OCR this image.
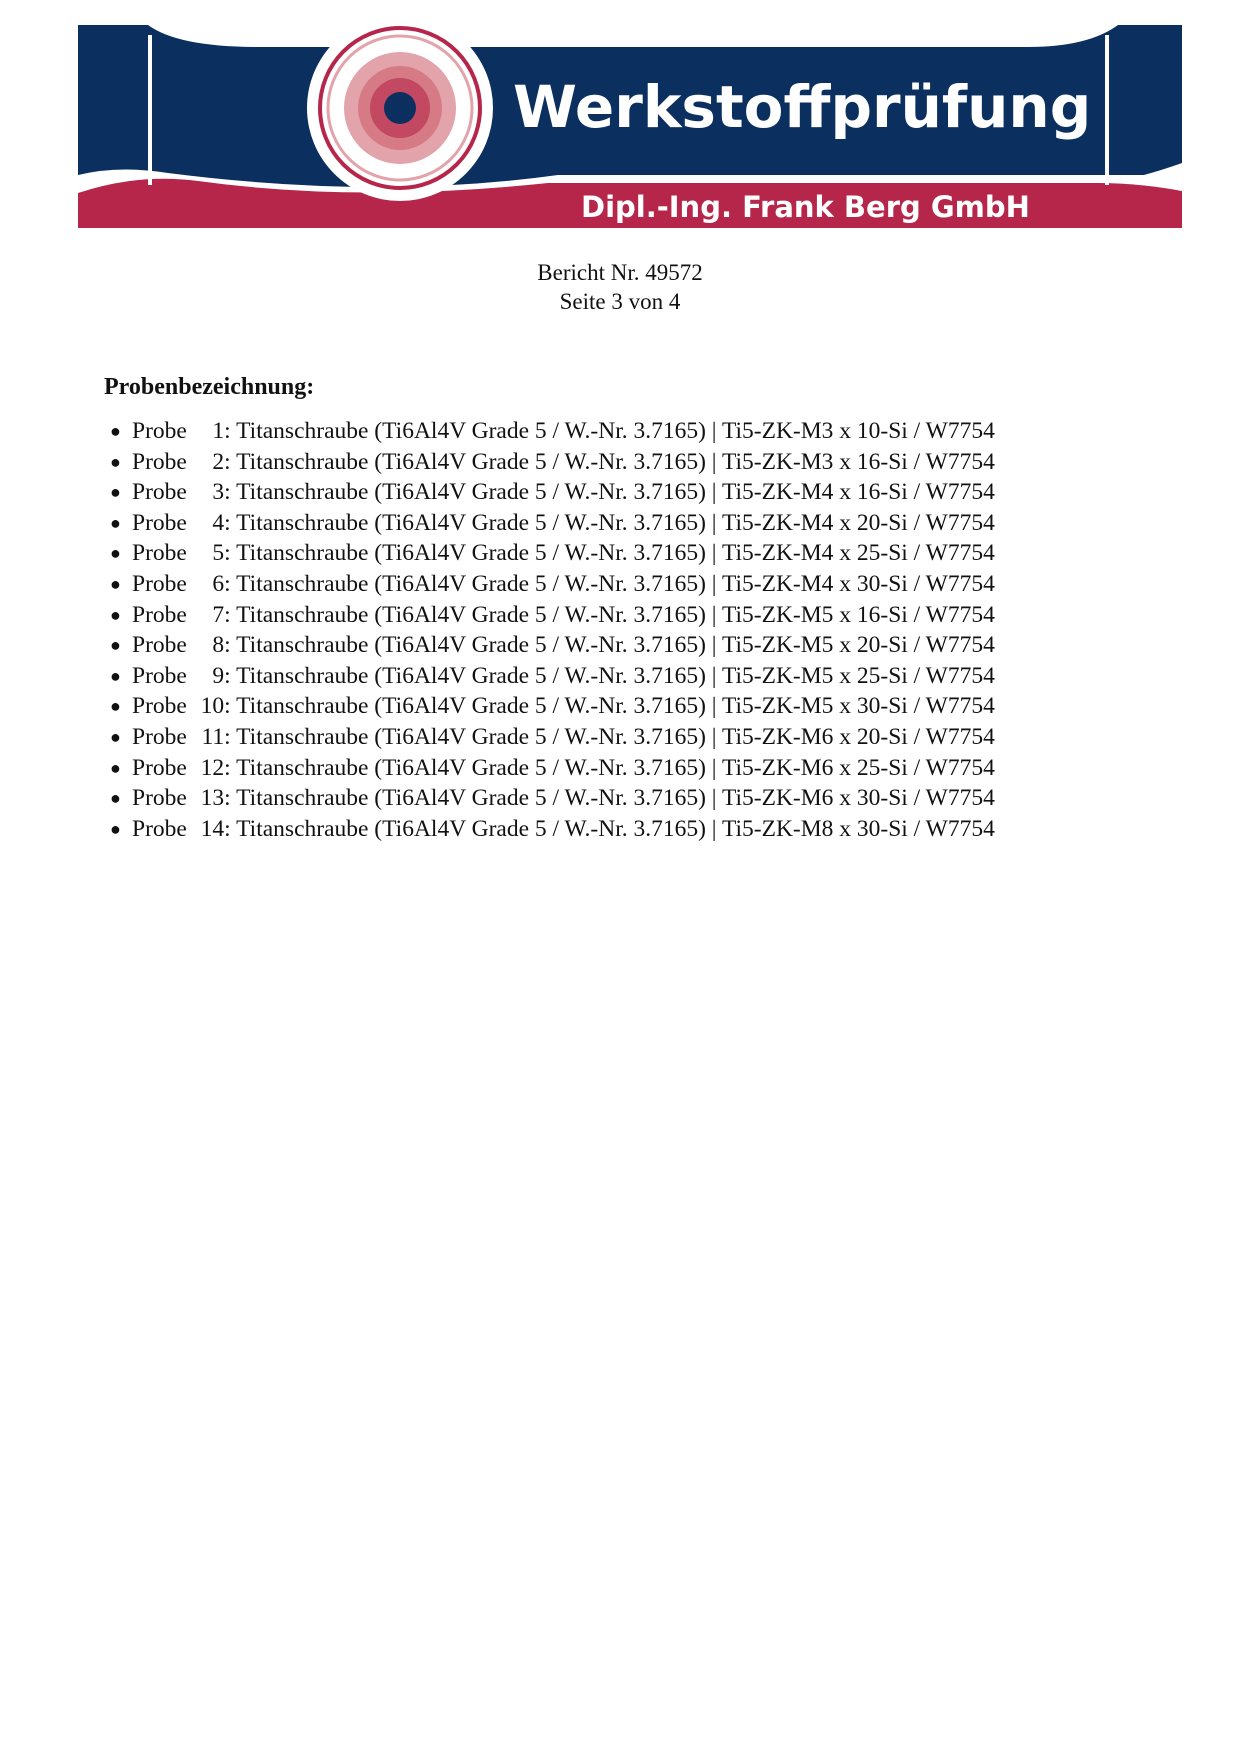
Werkstoffprüfung
Dipl.-Ing. Frank Berg GmbH
Bericht Nr. 49572
Seite 3 von 4
Probenbezeichnung:
● Probe 1: Titanschraube (Ti6Al4V Grade 5 / W.-Nr. 3.7165) | Ti5-ZK-M3 x 10-Si / W7754
● Probe 2: Titanschraube (Ti6Al4V Grade 5 / W.-Nr. 3.7165) | Ti5-ZK-M3 x 16-Si / W7754
● Probe 3: Titanschraube (Ti6Al4V Grade 5 / W.-Nr. 3.7165) | Ti5-ZK-M4 x 16-Si / W7754
● Probe 4: Titanschraube (Ti6Al4V Grade 5 / W.-Nr. 3.7165) | Ti5-ZK-M4 x 20-Si / W7754
● Probe 5: Titanschraube (Ti6Al4V Grade 5 / W.-Nr. 3.7165) | Ti5-ZK-M4 x 25-Si / W7754
● Probe 6: Titanschraube (Ti6Al4V Grade 5 / W.-Nr. 3.7165) | Ti5-ZK-M4 x 30-Si / W7754
● Probe 7: Titanschraube (Ti6Al4V Grade 5 / W.-Nr. 3.7165) | Ti5-ZK-M5 x 16-Si / W7754
● Probe 8: Titanschraube (Ti6Al4V Grade 5 / W.-Nr. 3.7165) | Ti5-ZK-M5 x 20-Si / W7754
● Probe 9: Titanschraube (Ti6Al4V Grade 5 / W.-Nr. 3.7165) | Ti5-ZK-M5 x 25-Si / W7754
● Probe 10: Titanschraube (Ti6Al4V Grade 5 / W.-Nr. 3.7165) | Ti5-ZK-M5 x 30-Si / W7754
● Probe 11: Titanschraube (Ti6Al4V Grade 5 / W.-Nr. 3.7165) | Ti5-ZK-M6 x 20-Si / W7754
● Probe 12: Titanschraube (Ti6Al4V Grade 5 / W.-Nr. 3.7165) | Ti5-ZK-M6 x 25-Si / W7754
● Probe 13: Titanschraube (Ti6Al4V Grade 5 / W.-Nr. 3.7165) | Ti5-ZK-M6 x 30-Si / W7754
● Probe 14: Titanschraube (Ti6Al4V Grade 5 / W.-Nr. 3.7165) | Ti5-ZK-M8 x 30-Si / W7754
